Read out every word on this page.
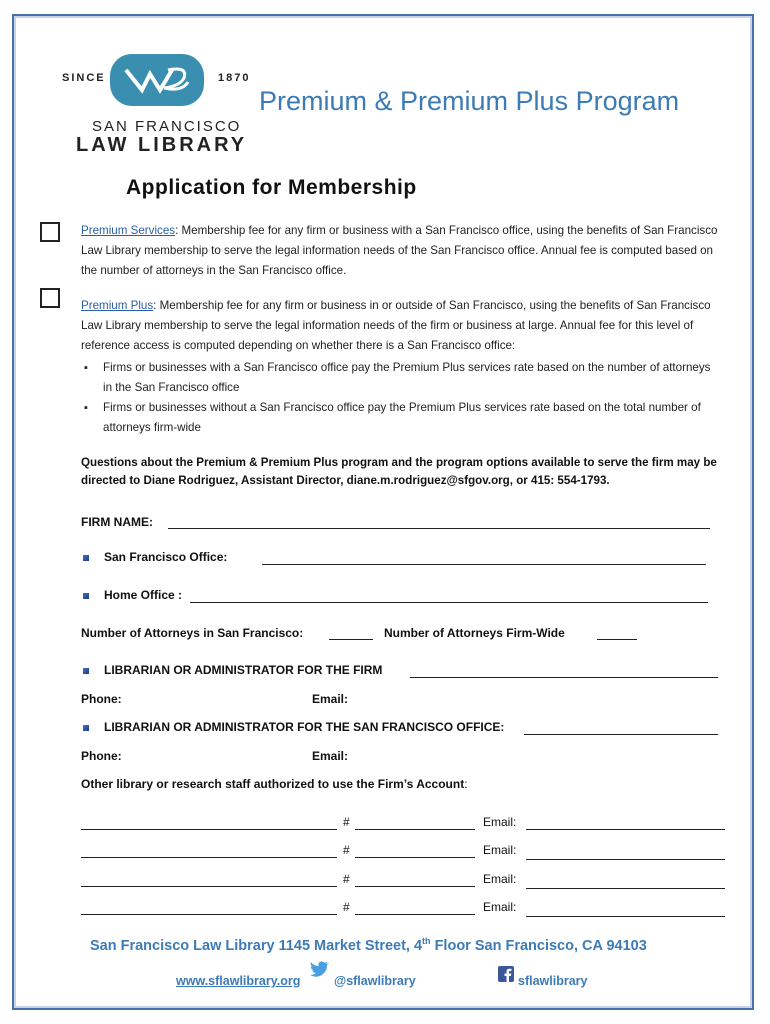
SINCE	1870
SAN FRANCISCO
LAW LIBRARY
Premium & Premium Plus Program
Application for Membership
Premium Services: Membership fee for any firm or business with a San Francisco office, using the benefits of San Francisco Law Library membership to serve the legal information needs of the San Francisco office. Annual fee is computed based on the number of attorneys in the San Francisco office.
Premium Plus: Membership fee for any firm or business in or outside of San Francisco, using the benefits of San Francisco Law Library membership to serve the legal information needs of the firm or business at large. Annual fee for this level of reference access is computed depending on whether there is a San Francisco office:
▪ Firms or businesses with a San Francisco office pay the Premium Plus services rate based on the number of attorneys in the San Francisco office
▪ Firms or businesses without a San Francisco office pay the Premium Plus services rate based on the total number of attorneys firm-wide
Questions about the Premium & Premium Plus program and the program options available to serve the firm may be directed to Diane Rodriguez, Assistant Director, diane.m.rodriguez@sfgov.org, or 415: 554-1793.
FIRM NAME:
San Francisco Office:
Home Office :
Number of Attorneys in San Francisco:	Number of Attorneys Firm-Wide
LIBRARIAN OR ADMINISTRATOR FOR THE FIRM
Phone:	Email:
LIBRARIAN OR ADMINISTRATOR FOR THE SAN FRANCISCO OFFICE:
Phone:	Email:
Other library or research staff authorized to use the Firm’s Account:
#	Email:
#	Email:
#	Email:
#	Email:
San Francisco Law Library 1145 Market Street, 4th Floor San Francisco, CA 94103
www.sflawlibrary.org	@sflawlibrary	sflawlibrary
